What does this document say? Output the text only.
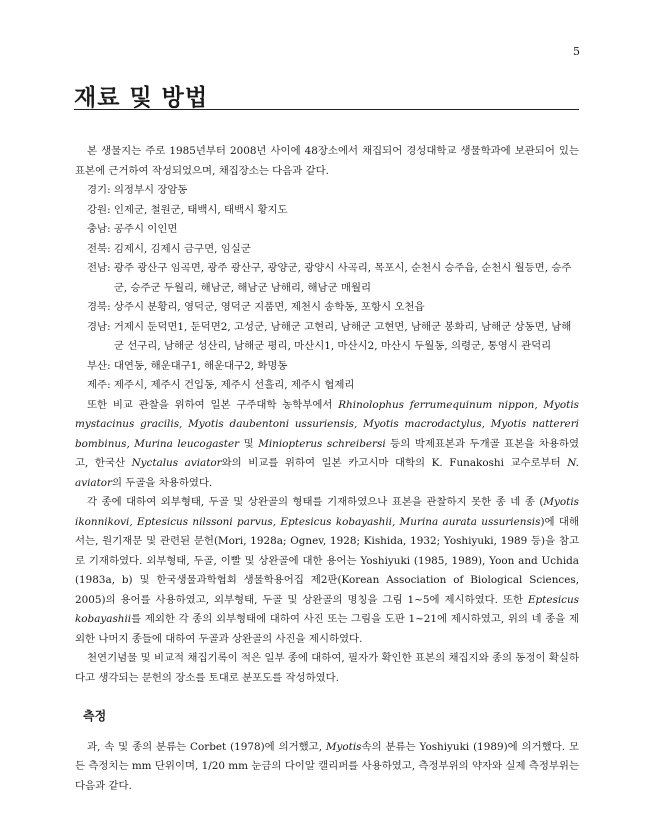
5
재료 및 방법

본 생물지는 주로 1985년부터 2008년 사이에 48장소에서 채집되어 경성대학교 생물학과에 보관되어 있는 표본에 근거하여 작성되었으며, 채집장소는 다음과 같다.

경기: 의정부시 장암동
강원: 인제군, 철원군, 태백시, 태백시 황지도
충남: 공주시 이인면
전북: 김제시, 김제시 금구면, 임실군
전남: 광주 광산구 임곡면, 광주 광산구, 광양군, 광양시 사곡리, 목포시, 순천시 승주읍, 순천시 월등면, 승주군, 승주군 두월리, 해남군, 해남군 남해리, 해남군 매월리
경북: 상주시 분황리, 영덕군, 영덕군 지품면, 제천시 송학동, 포항시 오천읍
경남: 거제시 둔덕면1, 둔덕면2, 고성군, 남해군 고현리, 남해군 고현면, 남해군 봉화리, 남해군 상동면, 남해군 선구리, 남해군 성산리, 남해군 평리, 마산시1, 마산시2, 마산시 두월동, 의령군, 통영시 관덕리
부산: 대연동, 해운대구1, 해운대구2, 화명동
제주: 제주시, 제주시 건입동, 제주시 선흘리, 제주시 협제리

또한 비교 관찰을 위하여 일본 구주대학 농학부에서 Rhinolophus ferrumequinum nippon, Myotis mystacinus gracilis, Myotis daubentoni ussuriensis, Myotis macrodactylus, Myotis nattereri bombinus, Murina leucogaster 및 Miniopterus schreibersi 등의 박제표본과 두개골 표본을 차용하였고, 한국산 Nyctalus aviator와의 비교를 위하여 일본 카고시마 대학의 K. Funakoshi 교수로부터 N. aviator의 두골을 차용하였다.

각 종에 대하여 외부형태, 두골 및 상완골의 형태를 기재하였으나 표본을 관찰하지 못한 종 네 종 (Myotis ikonnikovi, Eptesicus nilssoni parvus, Eptesicus kobayashii, Murina aurata ussuriensis)에 대해서는, 원기재문 및 관련된 문헌(Mori, 1928a; Ognev, 1928; Kishida, 1932; Yoshiyuki, 1989 등)을 참고로 기재하였다. 외부형태, 두골, 이빨 및 상완골에 대한 용어는 Yoshiyuki (1985, 1989), Yoon and Uchida (1983a, b) 및 한국생물과학협회 생물학용어집 제2판(Korean Association of Biological Sciences, 2005)의 용어를 사용하였고, 외부형태, 두골 및 상완골의 명칭을 그림 1~5에 제시하였다. 또한 Eptesicus kobayashii를 제외한 각 종의 외부형태에 대하여 사진 또는 그림을 도판 1~21에 제시하였고, 위의 네 종을 제외한 나머지 종들에 대하여 두골과 상완골의 사진을 제시하였다.

천연기념물 및 비교적 채집기록이 적은 일부 종에 대하여, 필자가 확인한 표본의 채집지와 종의 동정이 확실하다고 생각되는 문헌의 장소를 토대로 분포도를 작성하였다.

측정

과, 속 및 종의 분류는 Corbet (1978)에 의거했고, Myotis속의 분류는 Yoshiyuki (1989)에 의거했다. 모든 측정치는 mm 단위이며, 1/20 mm 눈금의 다이알 캘리퍼를 사용하였고, 측정부위의 약자와 실제 측정부위는 다음과 같다.
